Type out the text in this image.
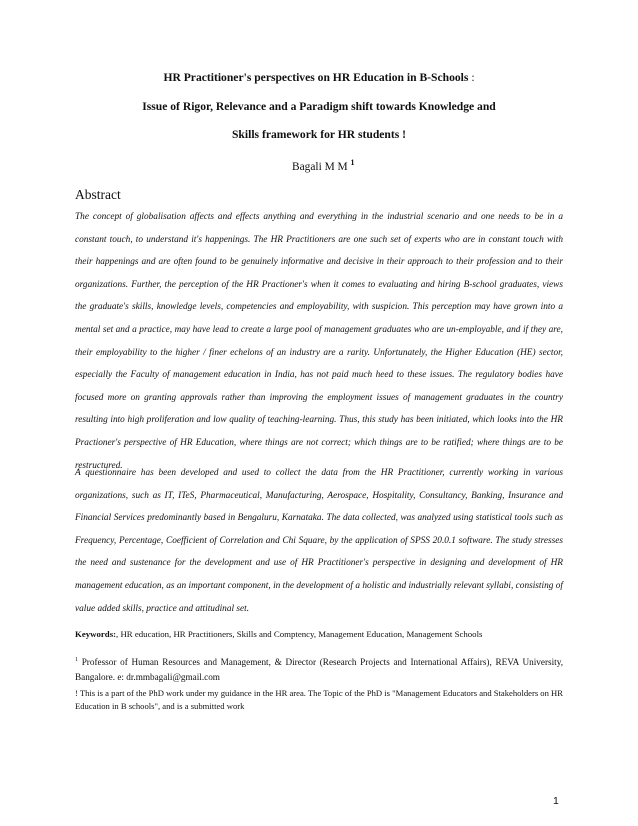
HR Practitioner's perspectives on HR Education in B-Schools :
Issue of Rigor, Relevance and a Paradigm shift towards Knowledge and
Skills framework for HR students !
Bagali M M $^1$
Abstract

The concept of globalisation affects and effects anything and everything in the industrial scenario and one needs to be in a constant touch, to understand it's happenings. The HR Practitioners are one such set of experts who are in constant touch with their happenings and are often found to be genuinely informative and decisive in their approach to their profession and to their organizations. Further, the perception of the HR Practioner's when it comes to evaluating and hiring B-school graduates, views the graduate's skills, knowledge levels, competencies and employability, with suspicion. This perception may have grown into a mental set and a practice, may have lead to create a large pool of management graduates who are un-employable, and if they are, their employability to the higher / finer echelons of an industry are a rarity. Unfortunately, the Higher Education (HE) sector, especially the Faculty of management education in India, has not paid much heed to these issues. The regulatory bodies have focused more on granting approvals rather than improving the employment issues of management graduates in the country resulting into high proliferation and low quality of teaching-learning. Thus, this study has been initiated, which looks into the HR Practioner's perspective of HR Education, where things are not correct; which things are to be ratified; where things are to be restructured.

A questionnaire has been developed and used to collect the data from the HR Practitioner, currently working in various organizations, such as IT, ITeS, Pharmaceutical, Manufacturing, Aerospace, Hospitality, Consultancy, Banking, Insurance and Financial Services predominantly based in Bengaluru, Karnataka. The data collected, was analyzed using statistical tools such as Frequency, Percentage, Coefficient of Correlation and Chi Square, by the application of SPSS 20.0.1 software. The study stresses the need and sustenance for the development and use of HR Practitioner's perspective in designing and development of HR management education, as an important component, in the development of a holistic and industrially relevant syllabi, consisting of value added skills, practice and attitudinal set.

Keywords:, HR education, HR Practitioners, Skills and Comptency, Management Education, Management Schools

$^1$ Professor of Human Resources and Management, & Director (Research Projects and International Affairs), REVA University, Bangalore. e: dr.mmbagali@gmail.com

! This is a part of the PhD work under my guidance in the HR area. The Topic of the PhD is "Management Educators and Stakeholders on HR Education in B schools", and is a submitted work

1
